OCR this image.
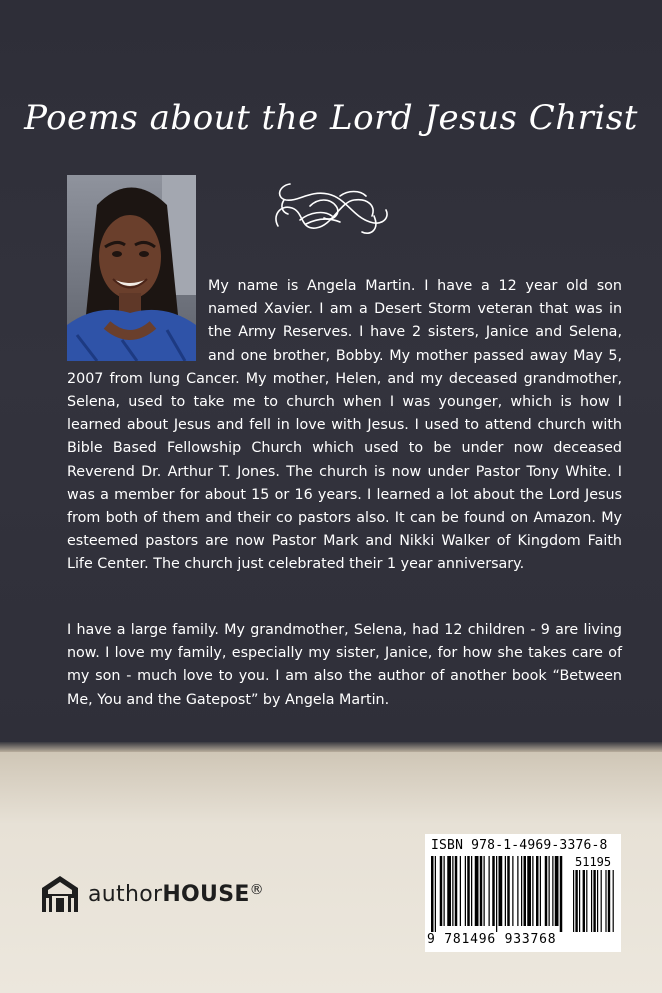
Poems about the Lord Jesus Christ

My name is Angela Martin. I have a 12 year old son named Xavier. I am a Desert Storm veteran that was in the Army Reserves. I have 2 sisters, Janice and Selena, and one brother, Bobby. My mother passed away May 5, 2007 from lung Cancer. My mother, Helen, and my deceased grandmother, Selena, used to take me to church when I was younger, which is how I learned about Jesus and fell in love with Jesus. I used to attend church with Bible Based Fellowship Church which used to be under now deceased Reverend Dr. Arthur T. Jones. The church is now under Pastor Tony White. I was a member for about 15 or 16 years. I learned a lot about the Lord Jesus from both of them and their co pastors also. It can be found on Amazon. My esteemed pastors are now Pastor Mark and Nikki Walker of Kingdom Faith Life Center. The church just celebrated their 1 year anniversary.

I have a large family. My grandmother, Selena, had 12 children - 9 are living now. I love my family, especially my sister, Janice, for how she takes care of my son - much love to you. I am also the author of another book “Between Me, You and the Gatepost” by Angela Martin.

authorHOUSE®
ISBN 978-1-4969-3376-8
51195
9 781496 933768
